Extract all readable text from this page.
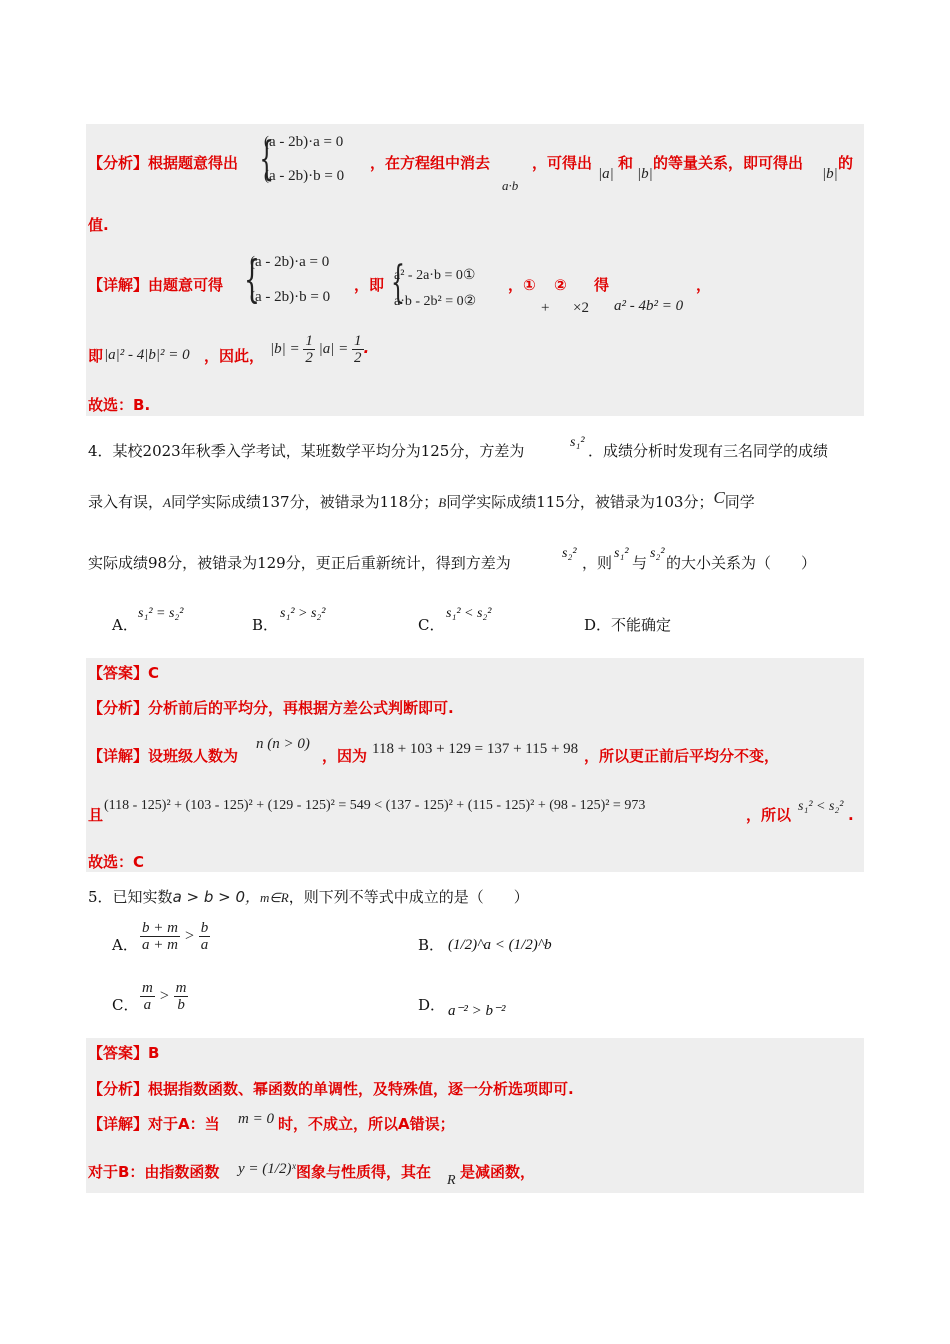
【分析】根据题意得出 {
(a - 2b)·a = 0
(a - 2b)·b = 0
，在方程组中消去
a·b
，可得出
|a|
和
|b|
的等量关系，即可得出
|b|
的
值.
【详解】由题意可得 {
(a - 2b)·a = 0
(a - 2b)·b = 0
，即 {
a² - 2a·b = 0①
a·b - 2b² = 0②
，① ② 得
+ ×2 a² - 4b² = 0
，
即 |a|² - 4|b|² = 0 ，因此， $|b| = \frac{1}{2} |a| = \frac{1}{2}$ .
故选：B.
4．某校2023年秋季入学考试，某班数学平均分为125分，方差为	s₁² ．成绩分析时发现有三名同学的成绩
录入有误，A同学实际成绩137分，被错录为118分；B同学实际成绩115分，被错录为103分；C同学
实际成绩98分，被错录为129分，更正后重新统计，得到方差为
s₂²
，则
s₁²
与
s₂²
的大小关系为（　　）
A．
s₁² = s₂²
B．
s₁² > s₂²
C．
s₁² < s₂²
D．不能确定
【答案】C
【分析】分析前后的平均分，再根据方差公式判断即可.
【详解】设班级人数为
n (n > 0)
，因为 118 + 103 + 129 = 137 + 115 + 98 ，所以更正前后平均分不变，
且
(118 - 125)² + (103 - 125)² + (129 - 125)² = 549 < (137 - 125)² + (115 - 125)² + (98 - 125)² = 973
，所以 s₁² < s₂² .
故选：C
5．已知实数a > b > 0，m∈R，则下列不等式中成立的是（　　）
A． $\frac{b + m}{a + m} > \frac{b}{a}$	B． (1/2)^a < (1/2)^b
C． $\frac{m}{a} > \frac{m}{b}$	D． a⁻² > b⁻²
【答案】B
【分析】根据指数函数、幂函数的单调性，及特殊值，逐一分析选项即可.
【详解】对于A：当 m = 0 时，不成立，所以A错误；
对于B：由指数函数 y = (1/2)ˣ 图象与性质得，其在 R 是减函数，
